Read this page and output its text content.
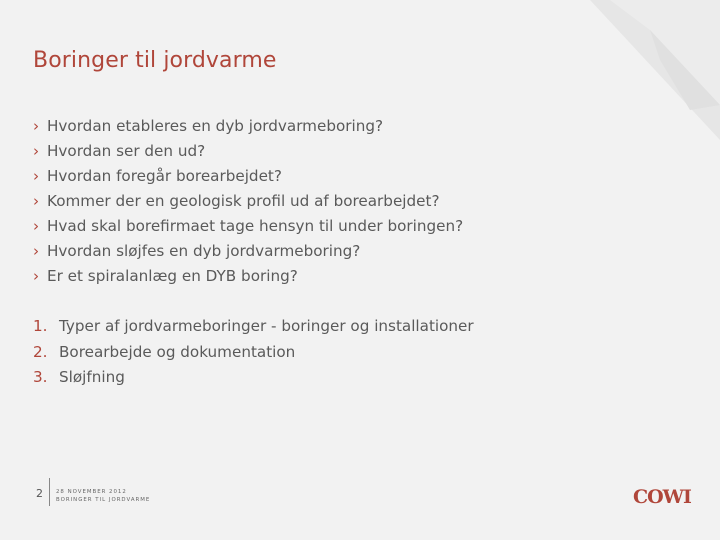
Boringer til jordvarme
› Hvordan etableres en dyb jordvarmeboring?
› Hvordan ser den ud?
› Hvordan foregår borearbejdet?
› Kommer der en geologisk profil ud af borearbejdet?
› Hvad skal borefirmaet tage hensyn til under boringen?
› Hvordan sløjfes en dyb jordvarmeboring?
› Er et spiralanlæg en DYB boring?
1. Typer af jordvarmeboringer - boringer og installationer
2. Borearbejde og dokumentation
3. Sløjfning
2 28 NOVEMBER 2012
BORINGER TIL JORDVARME	COWI
